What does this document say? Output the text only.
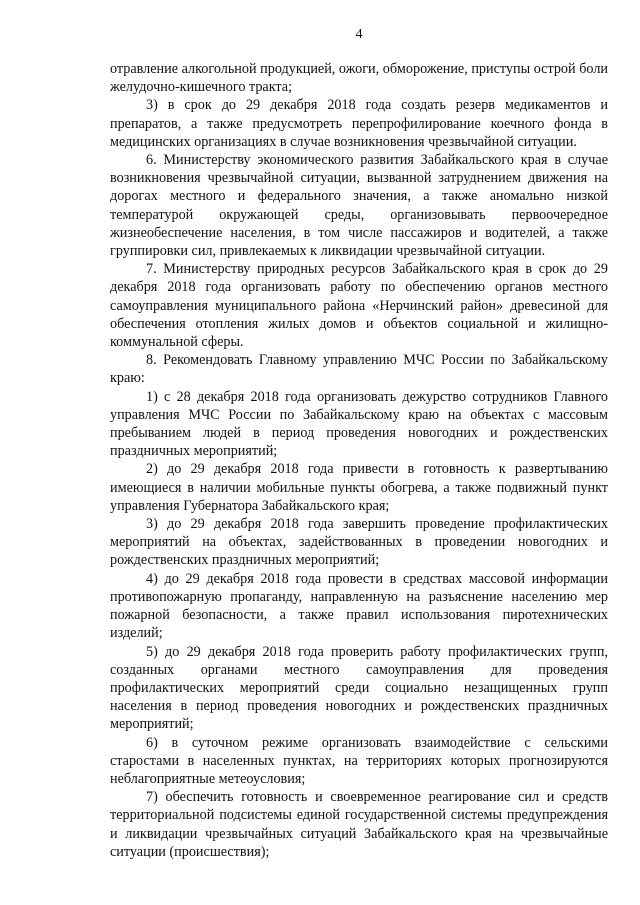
4

отравление алкогольной продукцией, ожоги, обморожение, приступы острой боли желудочно-кишечного тракта;

3) в срок до 29 декабря 2018 года создать резерв медикаментов и препаратов, а также предусмотреть перепрофилирование коечного фонда в медицинских организациях в случае возникновения чрезвычайной ситуации.

6. Министерству экономического развития Забайкальского края в случае возникновения чрезвычайной ситуации, вызванной затруднением движения на дорогах местного и федерального значения, а также аномально низкой температурой окружающей среды, организовывать первоочередное жизнеобеспечение населения, в том числе пассажиров и водителей, а также группировки сил, привлекаемых к ликвидации чрезвычайной ситуации.

7. Министерству природных ресурсов Забайкальского края в срок до 29 декабря 2018 года организовать работу по обеспечению органов местного самоуправления муниципального района «Нерчинский район» древесиной для обеспечения отопления жилых домов и объектов социальной и жилищно-коммунальной сферы.

8. Рекомендовать Главному управлению МЧС России по Забайкальскому краю:

1) с 28 декабря 2018 года организовать дежурство сотрудников Главного управления МЧС России по Забайкальскому краю на объектах с массовым пребыванием людей в период проведения новогодних и рождественских праздничных мероприятий;

2) до 29 декабря 2018 года привести в готовность к развертыванию имеющиеся в наличии мобильные пункты обогрева, а также подвижный пункт управления Губернатора Забайкальского края;

3) до 29 декабря 2018 года завершить проведение профилактических мероприятий на объектах, задействованных в проведении новогодних и рождественских праздничных мероприятий;

4) до 29 декабря 2018 года провести в средствах массовой информации противопожарную пропаганду, направленную на разъяснение населению мер пожарной безопасности, а также правил использования пиротехнических изделий;

5) до 29 декабря 2018 года проверить работу профилактических групп, созданных органами местного самоуправления для проведения профилактических мероприятий среди социально незащищенных групп населения в период проведения новогодних и рождественских праздничных мероприятий;

6) в суточном режиме организовать взаимодействие с сельскими старостами в населенных пунктах, на территориях которых прогнозируются неблагоприятные метеоусловия;

7) обеспечить готовность и своевременное реагирование сил и средств территориальной подсистемы единой государственной системы предупреждения и ликвидации чрезвычайных ситуаций Забайкальского края на чрезвычайные ситуации (происшествия);
